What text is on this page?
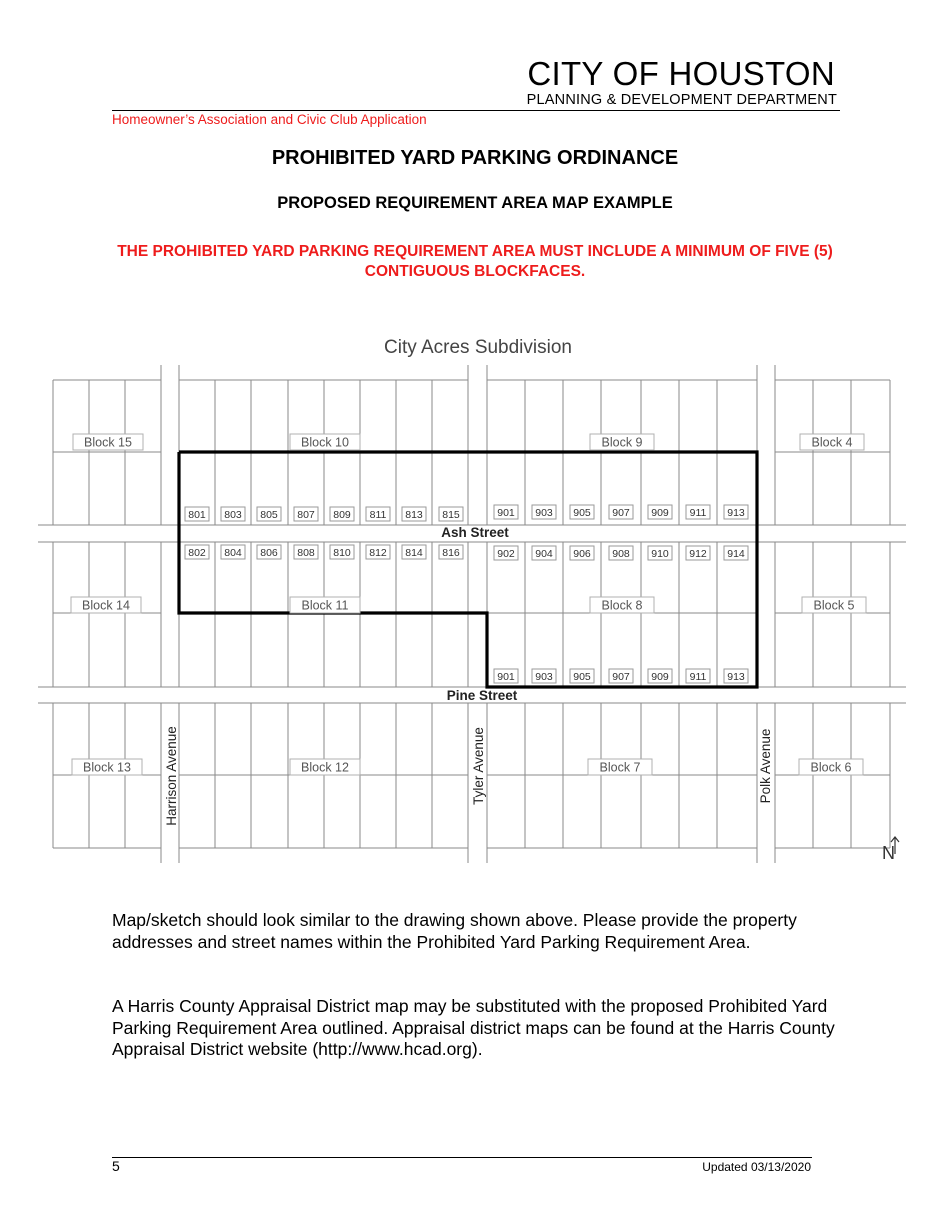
CITY OF HOUSTON
PLANNING & DEVELOPMENT DEPARTMENT
Homeowner’s Association and Civic Club Application
PROHIBITED YARD PARKING ORDINANCE
PROPOSED REQUIREMENT AREA MAP EXAMPLE
THE PROHIBITED YARD PARKING REQUIREMENT AREA MUST INCLUDE A MINIMUM OF FIVE (5) CONTIGUOUS BLOCKFACES.
Block 15	Block 10	Block 9	Block 4
Block 14	Block 11	Block 8	Block 5
Block 13	Block 12	Block 7	Block 6
801 803 805 807 809 811 813 815	901 903 905 907 909 911 913
802 804 806 808 810 812 814 816	902 904 906 908 910 912 914
901 903 905 907 909 911 913
Ash Street
Pine Street
Harrison Avenue	Tyler Avenue	Polk Avenue
N
City Acres Subdivision
Map/sketch should look similar to the drawing shown above. Please provide the property addresses and street names within the Prohibited Yard Parking Requirement Area.
A Harris County Appraisal District map may be substituted with the proposed Prohibited Yard Parking Requirement Area outlined. Appraisal district maps can be found at the Harris County Appraisal District website (http://www.hcad.org).
5	Updated 03/13/2020
